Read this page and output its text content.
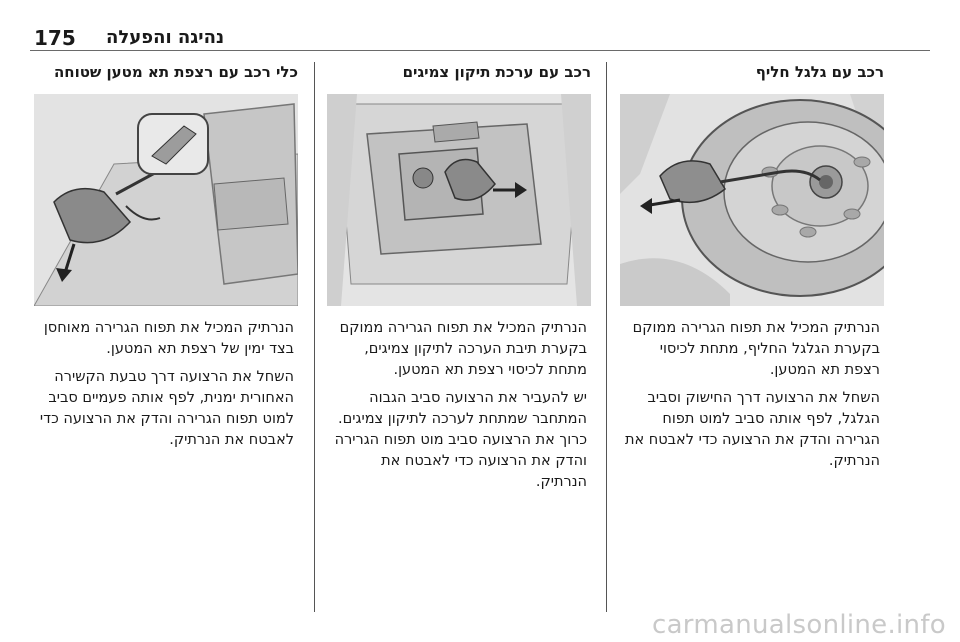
175 נהיגה והפעלה
רכב עם גלגל חליף
הנרתיק המכיל את תפוח הגרירה ממוקם בקערת הגלגל החליף, מתחת לכיסוי רצפת תא המטען.
השחל את הרצועה דרך החישוק וסביב הגלגל, לפף אותה סביב למוט תפוח הגרירה והדק את הרצועה כדי לאבטח את הנרתיק.
רכב עם ערכת תיקון צמיגים
הנרתיק המכיל את תפוח הגרירה ממוקם בקערת תיבת הערכה לתיקון צמיגים, מתחת לכיסוי רצפת תא המטען.
יש להעביר את הרצועה סביב הגבוה המתחבר שמתחת לערכה לתיקון צמיגים. כרוך את הרצועה סביב מוט תפוח הגרירה והדק את הרצועה כדי לאבטח את הנרתיק.
כלי רכב עם רצפת תא מטען שטוחה
הנרתיק המכיל את תפוח הגרירה מאוחסן בצד ימין של רצפת תא המטען.
השחל את הרצועה דרך טבעת הקשירה האחורית ימנית, לפף אותה פעמיים סביב למוט תפוח הגרירה והדק את הרצועה כדי לאבטח את הנרתיק.
carmanualsonline.info
